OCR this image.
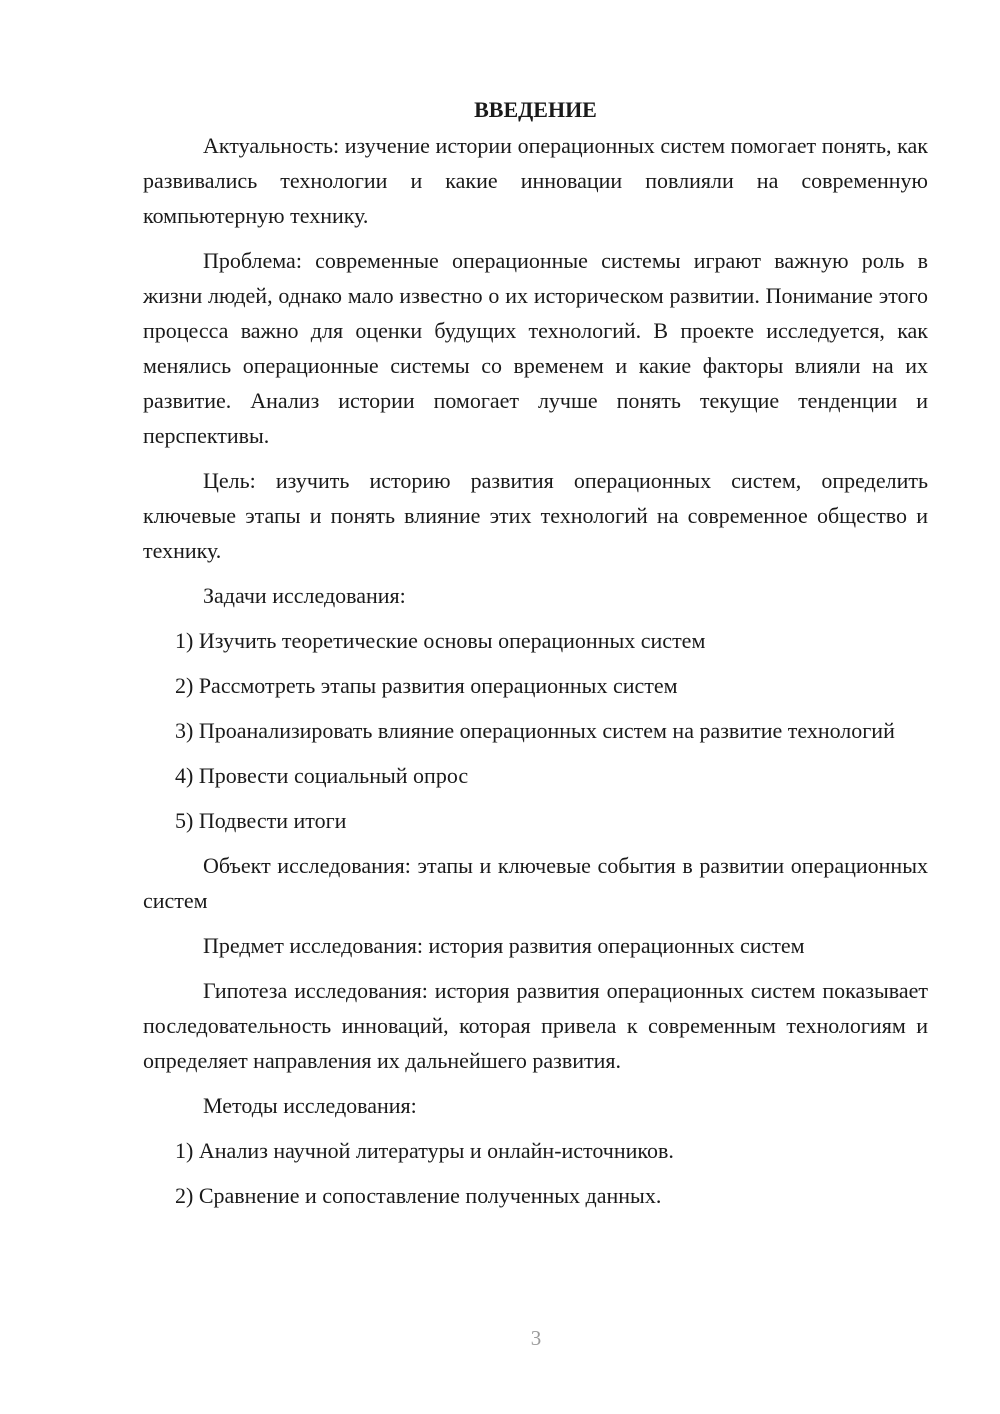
ВВЕДЕНИЕ

Актуальность: изучение истории операционных систем помогает понять, как развивались технологии и какие инновации повлияли на современную компьютерную технику.

Проблема: современные операционные системы играют важную роль в жизни людей, однако мало известно о их историческом развитии. Понимание этого процесса важно для оценки будущих технологий. В проекте исследуется, как менялись операционные системы со временем и какие факторы влияли на их развитие. Анализ истории помогает лучше понять текущие тенденции и перспективы.

Цель: изучить историю развития операционных систем, определить ключевые этапы и понять влияние этих технологий на современное общество и технику.

Задачи исследования:

1) Изучить теоретические основы операционных систем

2) Рассмотреть этапы развития операционных систем

3) Проанализировать влияние операционных систем на развитие технологий

4) Провести социальный опрос

5) Подвести итоги

Объект исследования: этапы и ключевые события в развитии операционных систем

Предмет исследования: история развития операционных систем

Гипотеза исследования: история развития операционных систем показывает последовательность инноваций, которая привела к современным технологиям и определяет направления их дальнейшего развития.

Методы исследования:

1) Анализ научной литературы и онлайн-источников.

2) Сравнение и сопоставление полученных данных.

3
